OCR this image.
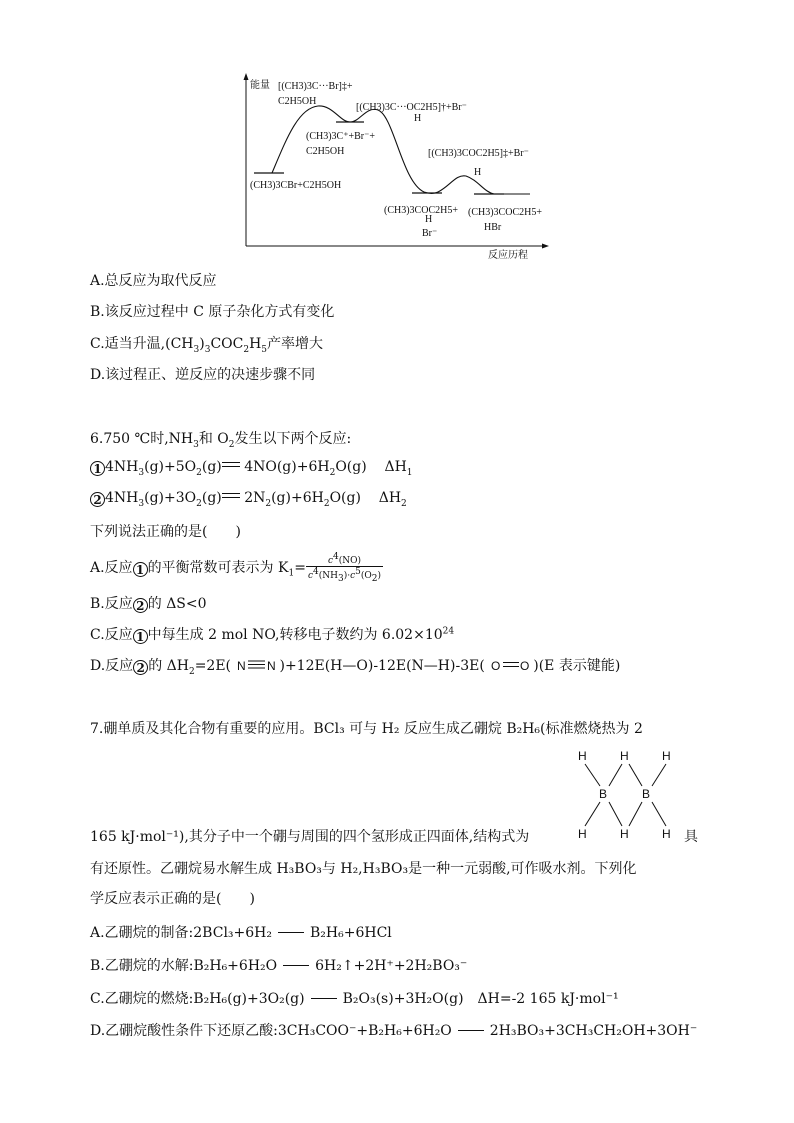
能量
反应历程
[(CH3)3C···Br]‡+
C2H5OH
[(CH3)3C···OC2H5]†+Br⁻
H
(CH3)3C⁺+Br⁻+
C2H5OH
(CH3)3CBr+C2H5OH
[(CH3)3COC2H5]‡+Br⁻
H
(CH3)3COC2H5+
H
Br⁻
(CH3)3COC2H5+
HBr
A.总反应为取代反应
B.该反应过程中 C 原子杂化方式有变化
C.适当升温$,(CH_3)_3COC_2H_5$产率增大
D.该过程正、逆反应的决速步骤不同
6.750 ℃时$,NH_3$和 $O_2$发生以下两个反应:
1 $4NH_3(g)+5O_2(g)$ $4NO(g)+6H_2O(g)$    $\Delta H_1$
2 $4NH_3(g)+3O_2(g)$ $2N_2(g)+6H_2O(g)$    $\Delta H_2$
下列说法正确的是(　　)
A.反应 1 的平衡常数可表示为 $K_1= \frac{c^4(NO)}{c^4(NH_3)\cdot c^5(O_2)}$
B.反应 2 的 ΔS<0
C.反应 1 中每生成 2 mol NO,转移电子数约为 $6.02\times 10^{24}$
D.反应 2 的 $\Delta H_2=2E$( N N )+12E(H—O)-12E(N—H)-3E( O O )(E 表示键能)
7.硼单质及其化合物有重要的应用。BCl₃ 可与 H₂ 反应生成乙硼烷 B₂H₆(标准燃烧热为 2
H	H	H
B	B
H	H	H
165 kJ·mol⁻¹),其分子中一个硼与周围的四个氢形成正四面体,结构式为	具
有还原性。乙硼烷易水解生成 H₃BO₃与 H₂,H₃BO₃是一种一元弱酸,可作吸水剂。下列化
学反应表示正确的是(　　)
A.乙硼烷的制备:2BCl₃+6H₂	B₂H₆+6HCl
B.乙硼烷的水解:B₂H₆+6H₂O	6H₂↑+2H⁺+2H₂BO₃⁻
C.乙硼烷的燃烧:B₂H₆(g)+3O₂(g)	B₂O₃(s)+3H₂O(g)　ΔH=-2 165 kJ·mol⁻¹
D.乙硼烷酸性条件下还原乙酸:3CH₃COO⁻+B₂H₆+6H₂O	2H₃BO₃+3CH₃CH₂OH+3OH⁻
